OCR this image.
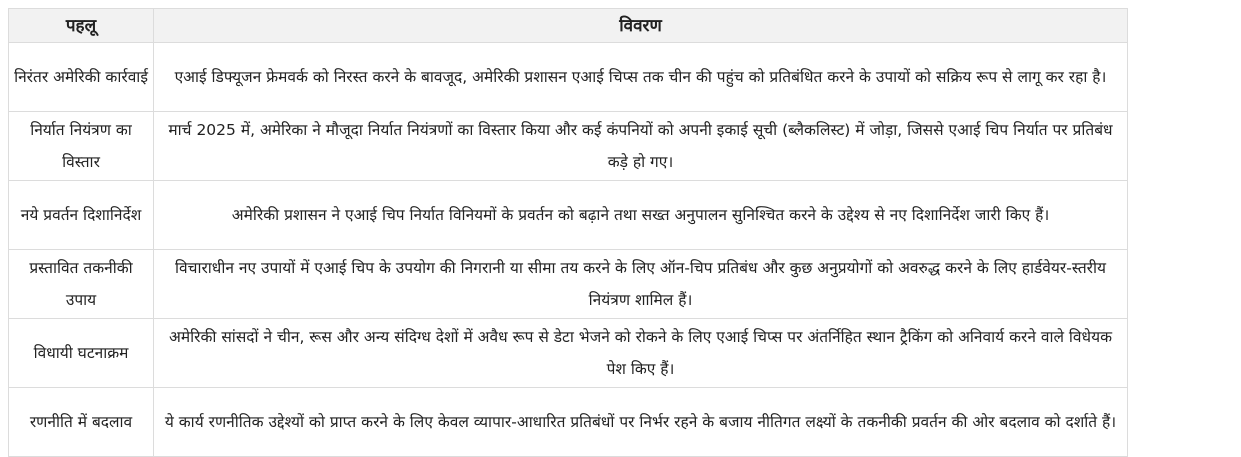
पहलू	विवरण
निरंतर अमेरिकी कार्रवाई	एआई डिफ्यूजन फ्रेमवर्क को निरस्त करने के बावजूद, अमेरिकी प्रशासन एआई चिप्स तक चीन की पहुंच को प्रतिबंधित करने के उपायों को सक्रिय रूप से लागू कर रहा है।
निर्यात नियंत्रण का विस्तार	मार्च 2025 में, अमेरिका ने मौजूदा निर्यात नियंत्रणों का विस्तार किया और कई कंपनियों को अपनी इकाई सूची (ब्लैकलिस्ट) में जोड़ा, जिससे एआई चिप निर्यात पर प्रतिबंध कड़े हो गए।
नये प्रवर्तन दिशानिर्देश	अमेरिकी प्रशासन ने एआई चिप निर्यात विनियमों के प्रवर्तन को बढ़ाने तथा सख्त अनुपालन सुनिश्चित करने के उद्देश्य से नए दिशानिर्देश जारी किए हैं।
प्रस्तावित तकनीकी उपाय	विचाराधीन नए उपायों में एआई चिप के उपयोग की निगरानी या सीमा तय करने के लिए ऑन-चिप प्रतिबंध और कुछ अनुप्रयोगों को अवरुद्ध करने के लिए हार्डवेयर-स्तरीय नियंत्रण शामिल हैं।
विधायी घटनाक्रम	अमेरिकी सांसदों ने चीन, रूस और अन्य संदिग्ध देशों में अवैध रूप से डेटा भेजने को रोकने के लिए एआई चिप्स पर अंतर्निहित स्थान ट्रैकिंग को अनिवार्य करने वाले विधेयक पेश किए हैं।
रणनीति में बदलाव	ये कार्य रणनीतिक उद्देश्यों को प्राप्त करने के लिए केवल व्यापार-आधारित प्रतिबंधों पर निर्भर रहने के बजाय नीतिगत लक्ष्यों के तकनीकी प्रवर्तन की ओर बदलाव को दर्शाते हैं।
